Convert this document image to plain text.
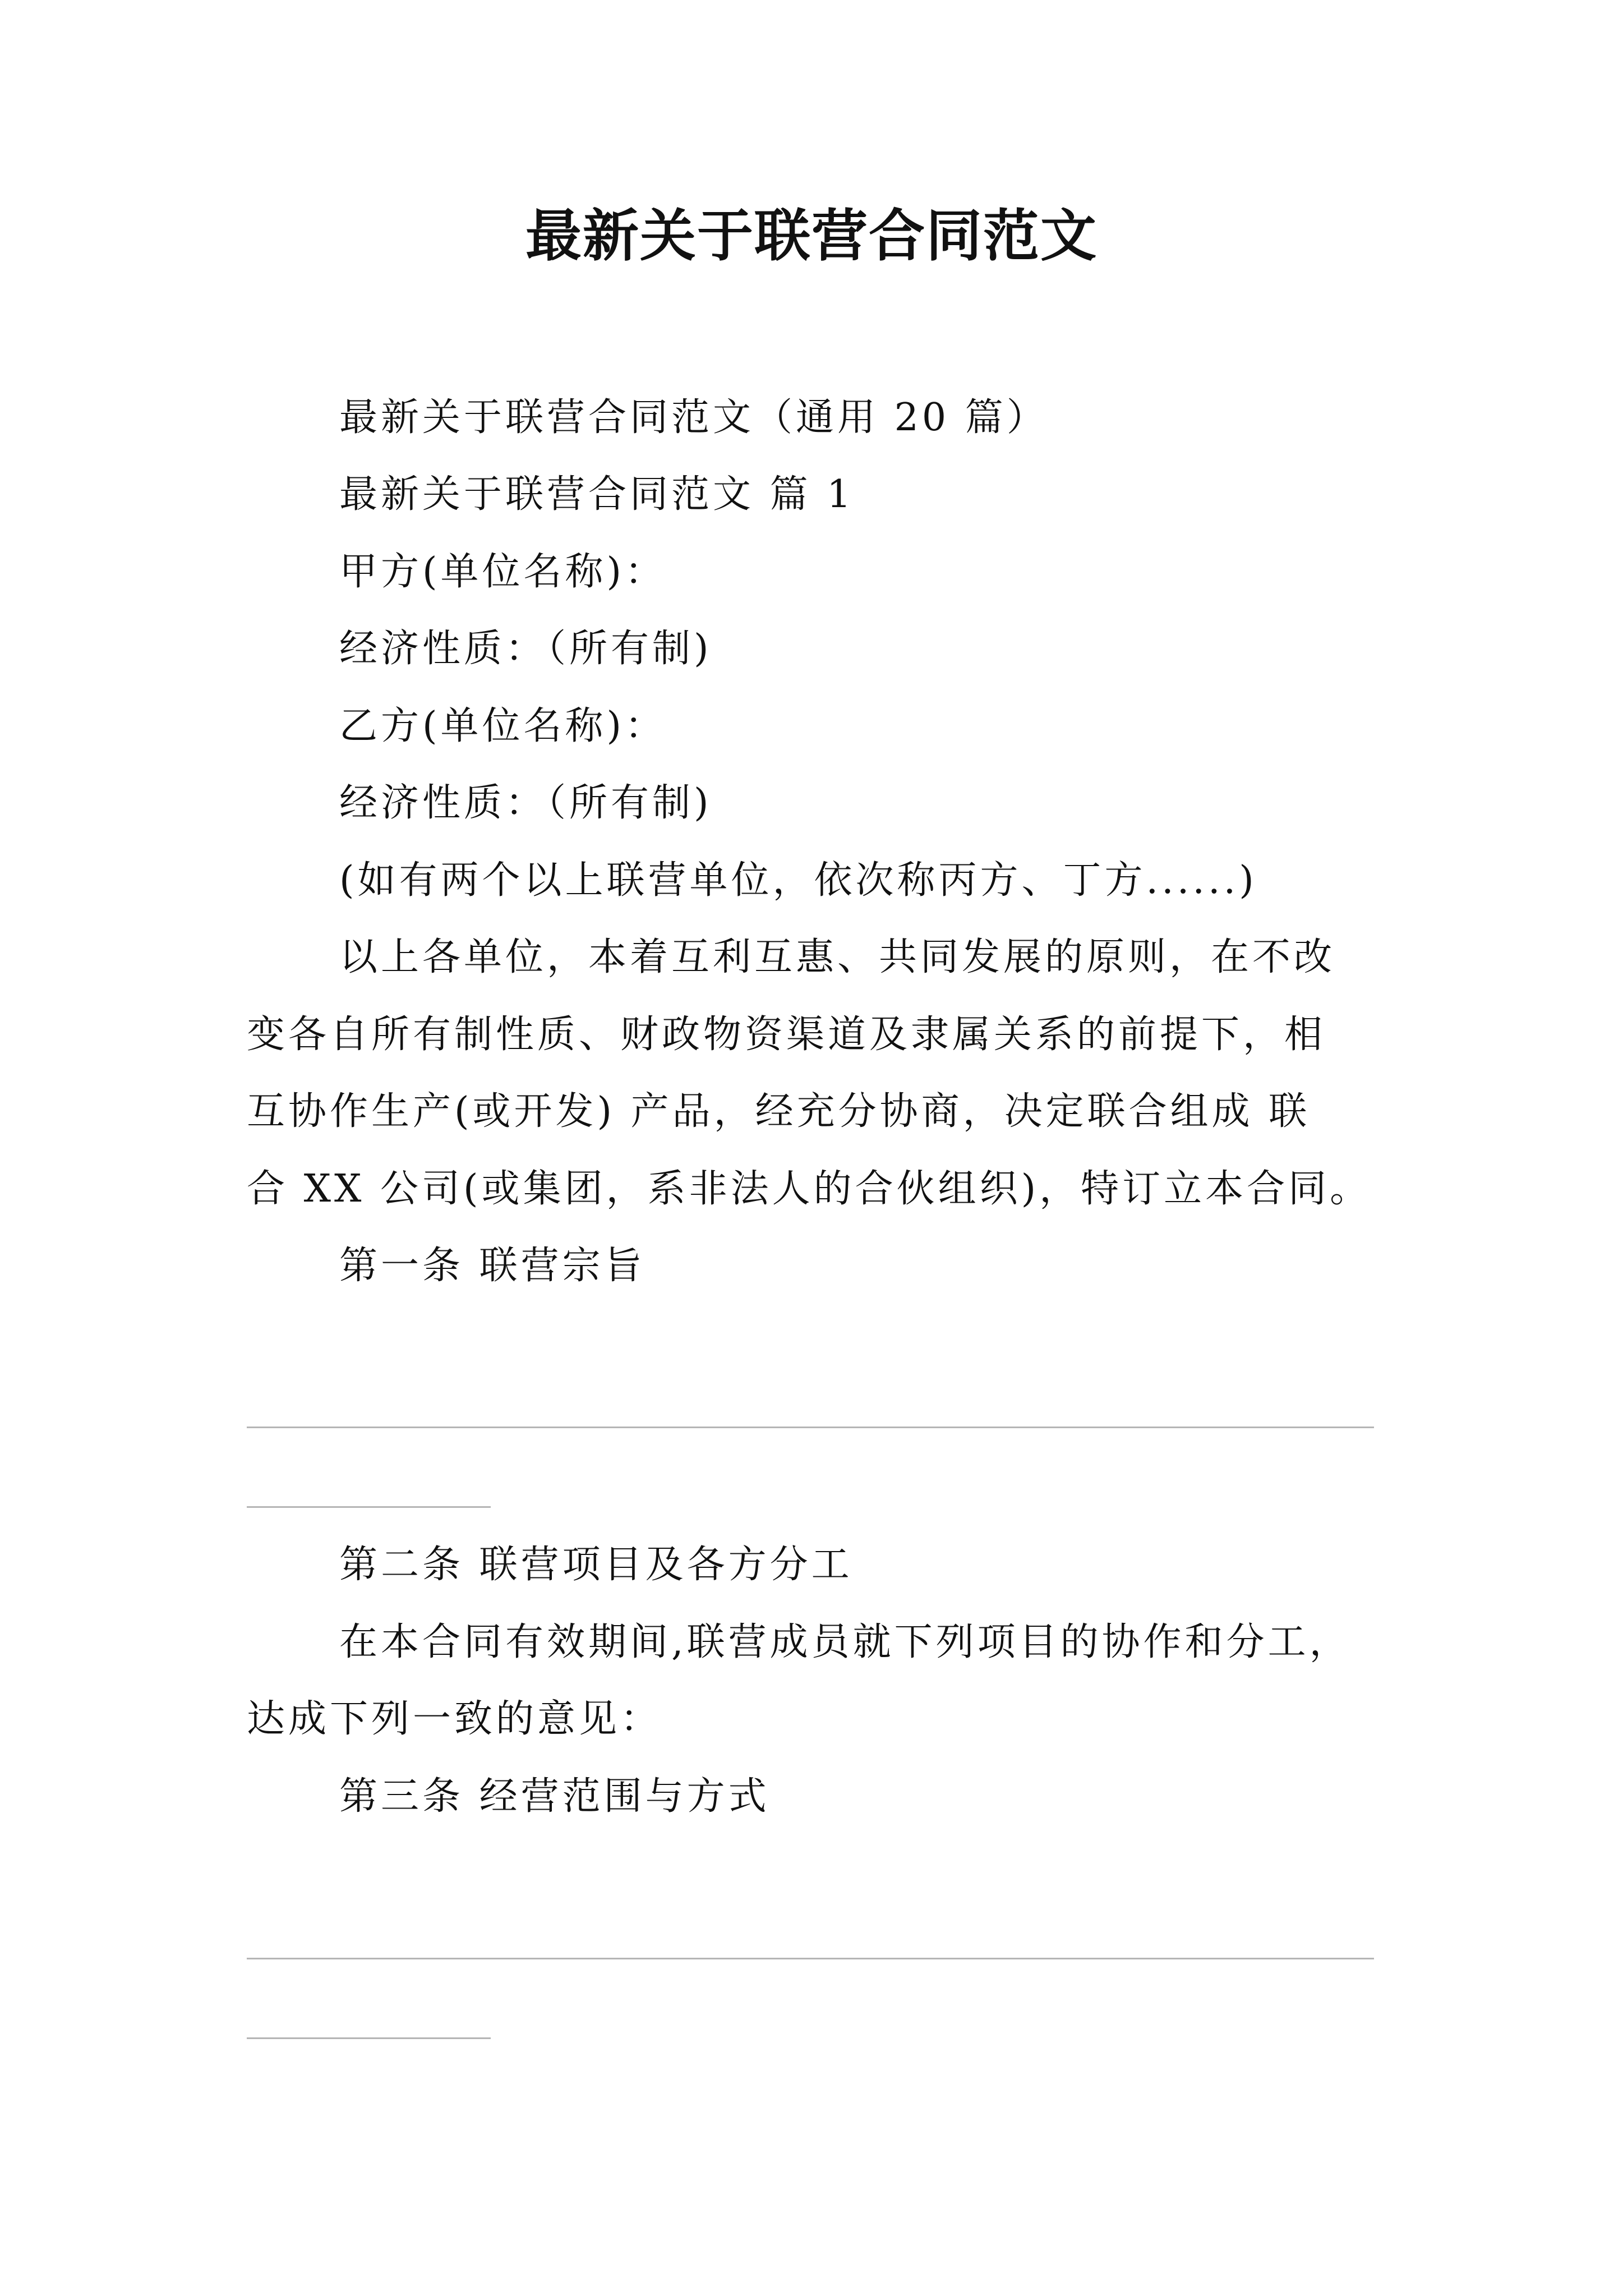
最新关于联营合同范文
最新关于联营合同范文（通用 20 篇）
最新关于联营合同范文 篇 1
甲方(单位名称)：
经济性质：（所有制)
乙方(单位名称)：
经济性质：（所有制)
(如有两个以上联营单位，依次称丙方、丁方......)
以上各单位，本着互利互惠、共同发展的原则，在不改
变各自所有制性质、财政物资渠道及隶属关系的前提下，相
互协作生产(或开发) 产品，经充分协商，决定联合组成 联
合 XX 公司(或集团，系非法人的合伙组织)，特订立本合同。
第一条 联营宗旨
第二条 联营项目及各方分工
在本合同有效期间,联营成员就下列项目的协作和分工，
达成下列一致的意见：
第三条 经营范围与方式
